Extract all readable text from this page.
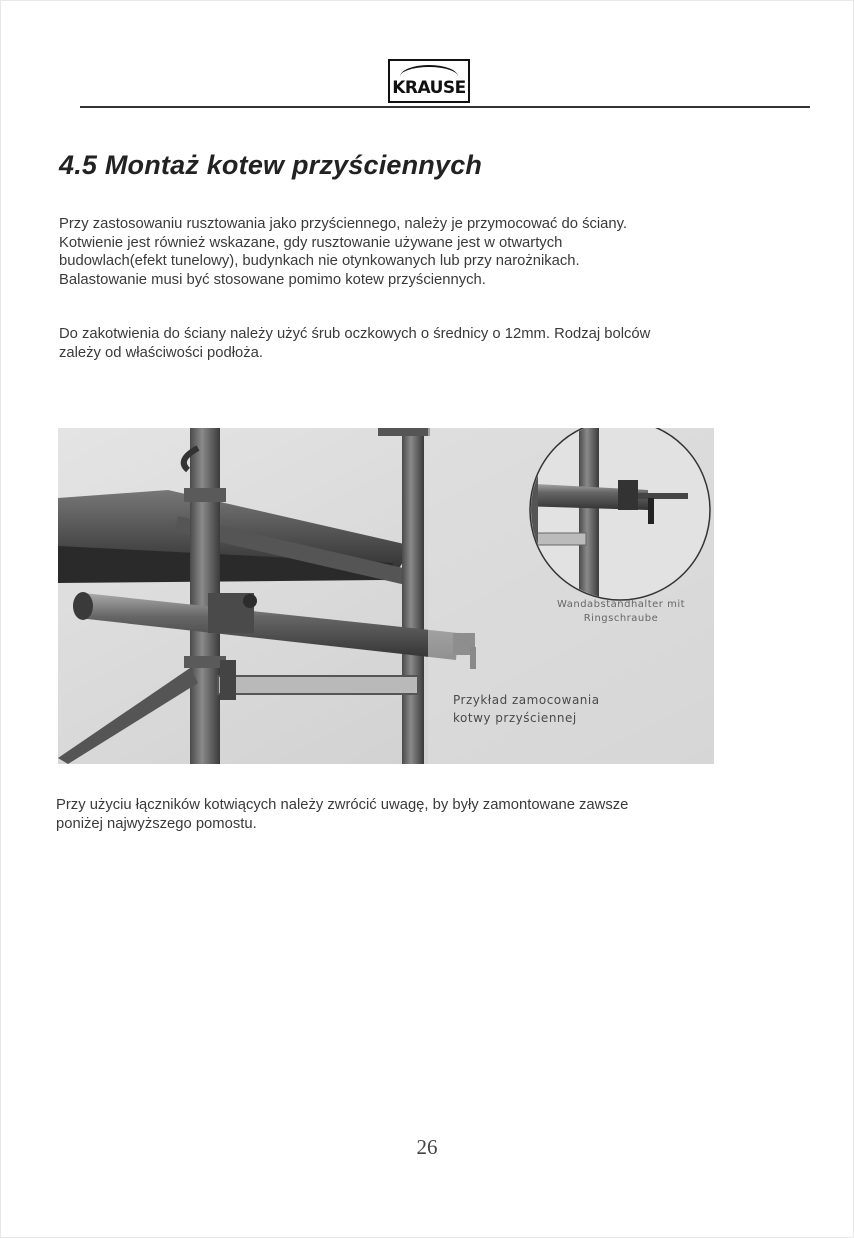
KRAUSE
4.5 Montaż kotew przyściennych
Przy zastosowaniu rusztowania jako przyściennego, należy je przymocować do ściany.
Kotwienie jest również wskazane, gdy rusztowanie używane jest w otwartych
budowlach(efekt tunelowy), budynkach nie otynkowanych lub przy narożnikach.
Balastowanie musi być stosowane pomimo kotew przyściennych.
Do zakotwienia do ściany należy użyć śrub oczkowych o średnicy o 12mm. Rodzaj bolców
zależy od właściwości podłoża.
Wandabstandhalter mit
Ringschraube
Przykład zamocowania
kotwy przyściennej
Przy użyciu łączników kotwiących należy zwrócić uwagę, by były zamontowane zawsze
poniżej najwyższego pomostu.
26
